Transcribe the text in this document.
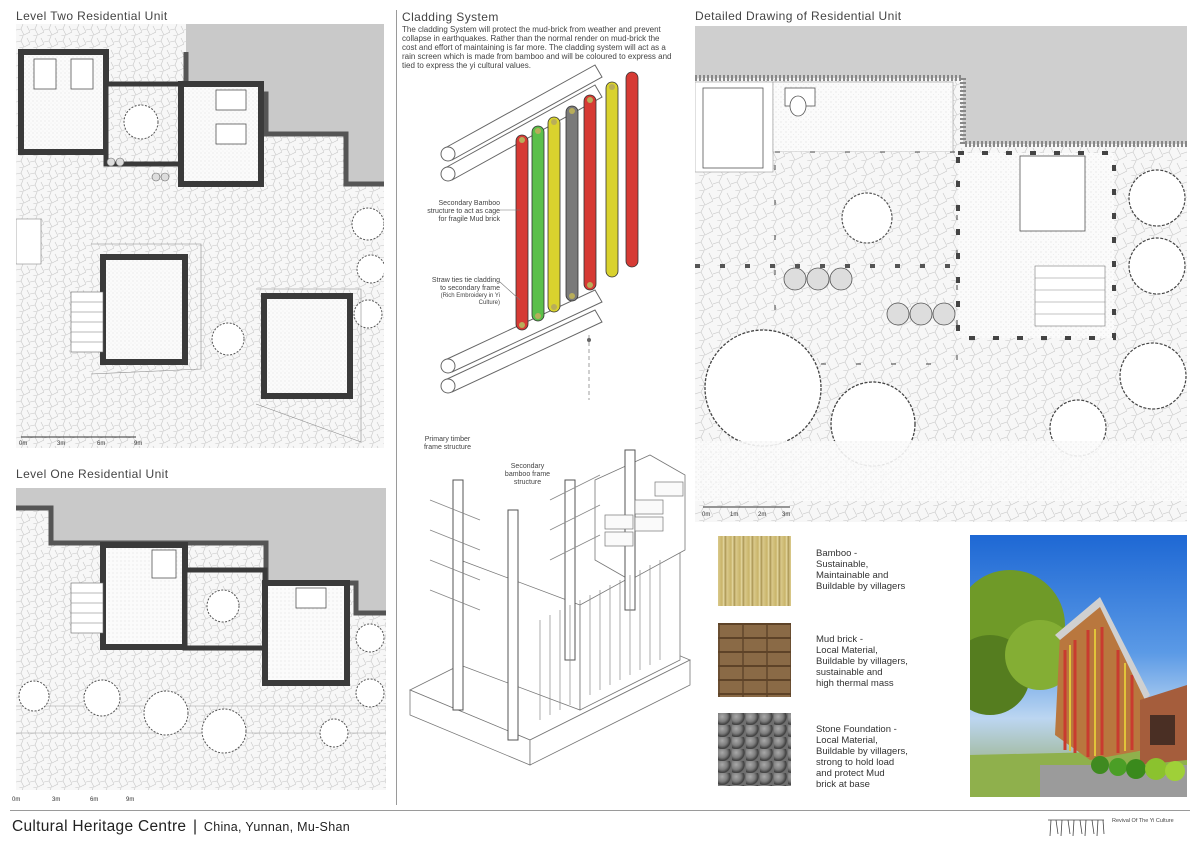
Level Two Residential Unit
0m	3m	6m	9m
Level One Residential Unit
0m	3m	6m	9m
Cladding System
The cladding System will protect the mud-brick from weather and prevent
collapse in earthquakes. Rather than the normal render on mud-brick the
cost and effort of maintaining is far more. The cladding system will act as a
rain screen which is made from bamboo and will be coloured to express and
tied to express the yi cultural values.
Secondary Bamboo
structure to act as cage
for fragile Mud brick
Straw ties tie cladding
to secondary frame
(Rich Embroidery in Yi
Culture)
Primary timber
frame structure
Secondary
bamboo frame
structure
Detailed Drawing of Residential Unit
0m	1m	2m	3m
Bamboo -
Sustainable,
Maintainable and
Buildable by villagers
Mud brick -
Local Material,
Buildable by villagers,
sustainable and
high thermal mass
Stone Foundation -
Local Material,
Buildable by villagers,
strong to hold load
and protect Mud
brick at base
Cultural Heritage Centre | China, Yunnan, Mu-Shan	Revival Of The Yi Culture
